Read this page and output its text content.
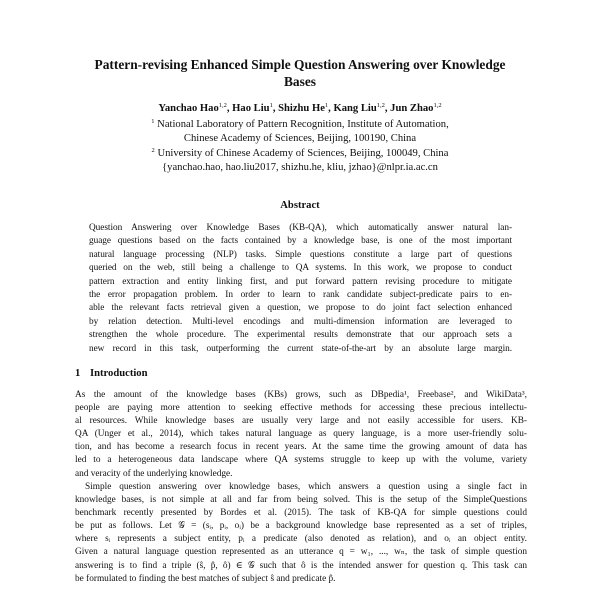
Pattern-revising Enhanced Simple Question Answering over Knowledge
Bases
Yanchao Hao$^{1,2}$, Hao Liu$^1$, Shizhu He$^1$, Kang Liu$^{1,2}$, Jun Zhao$^{1,2}$
$^1$ National Laboratory of Pattern Recognition, Institute of Automation,
Chinese Academy of Sciences, Beijing, 100190, China
$^2$ University of Chinese Academy of Sciences, Beijing, 100049, China
{yanchao.hao, hao.liu2017, shizhu.he, kliu, jzhao}@nlpr.ia.ac.cn
Abstract
Question Answering over Knowledge Bases (KB-QA), which automatically answer natural lan-
guage questions based on the facts contained by a knowledge base, is one of the most important
natural language processing (NLP) tasks. Simple questions constitute a large part of questions
queried on the web, still being a challenge to QA systems. In this work, we propose to conduct
pattern extraction and entity linking first, and put forward pattern revising procedure to mitigate
the error propagation problem. In order to learn to rank candidate subject-predicate pairs to en-
able the relevant facts retrieval given a question, we propose to do joint fact selection enhanced
by relation detection. Multi-level encodings and multi-dimension information are leveraged to
strengthen the whole procedure. The experimental results demonstrate that our approach sets a
new record in this task, outperforming the current state-of-the-art by an absolute large margin.
1 Introduction
As the amount of the knowledge bases (KBs) grows, such as DBpedia¹, Freebase², and WikiData³,
people are paying more attention to seeking effective methods for accessing these precious intellectu-
al resources. While knowledge bases are usually very large and not easily accessible for users. KB-
QA (Unger et al., 2014), which takes natural language as query language, is a more user-friendly solu-
tion, and has become a research focus in recent years. At the same time the growing amount of data has
led to a heterogeneous data landscape where QA systems struggle to keep up with the volume, variety
and veracity of the underlying knowledge.
Simple question answering over knowledge bases, which answers a question using a single fact in
knowledge bases, is not simple at all and far from being solved. This is the setup of the SimpleQuestions
benchmark recently presented by Bordes et al. (2015). The task of KB-QA for simple questions could
be put as follows. Let 𝒢 = (sᵢ, pᵢ, oᵢ) be a background knowledge base represented as a set of triples,
where sᵢ represents a subject entity, pᵢ a predicate (also denoted as relation), and oᵢ an object entity.
Given a natural language question represented as an utterance q = w₁, ..., wₙ, the task of simple question
answering is to find a triple (ŝ, p̂, ô) ∈ 𝒢 such that ô is the intended answer for question q. This task can
be formulated to finding the best matches of subject ŝ and predicate p̂.
